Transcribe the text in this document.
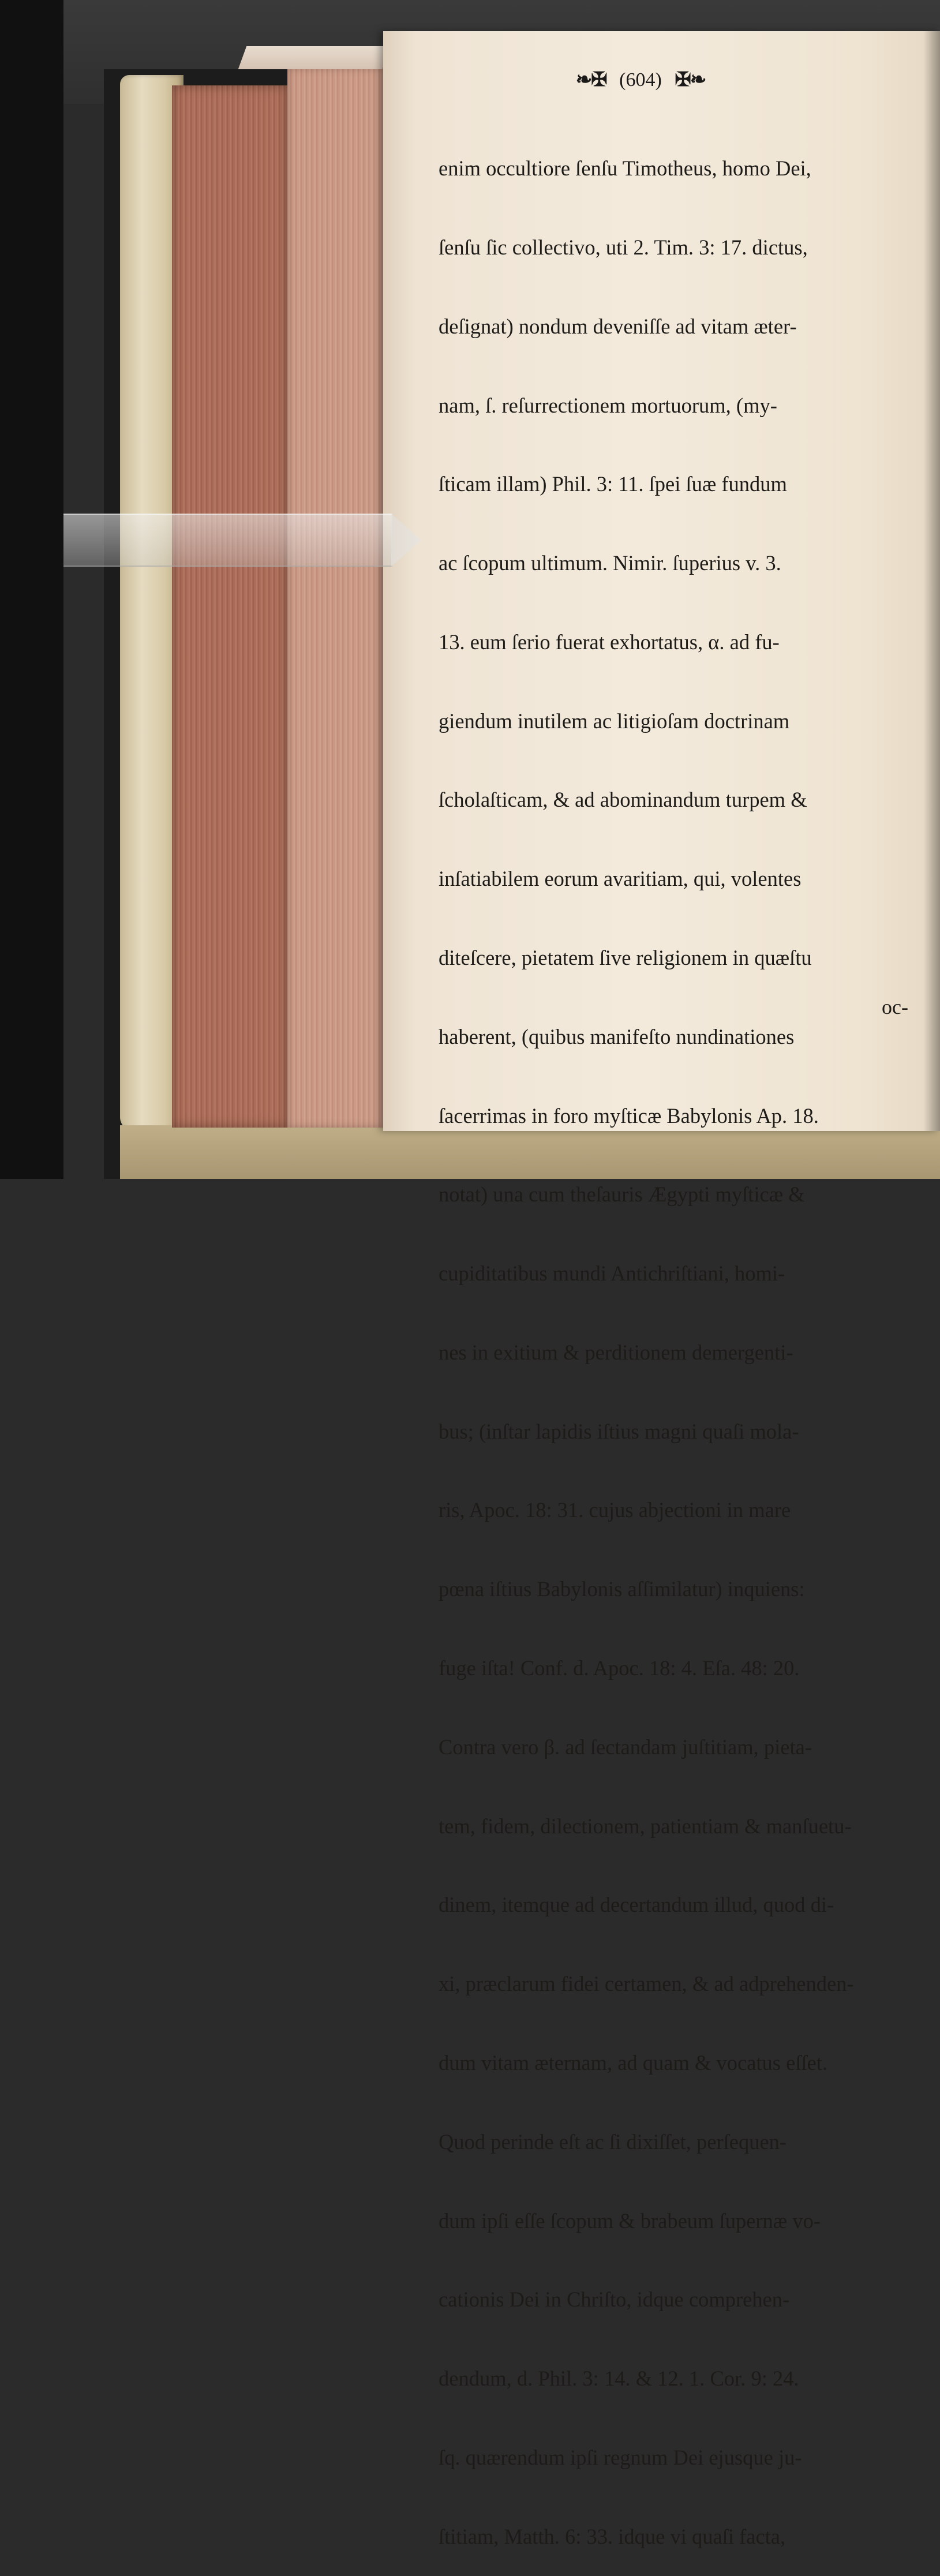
❧✠ (604) ✠❧

enim occultiore ſenſu Timotheus, homo Dei,

ſenſu ſic collectivo, uti 2. Tim. 3: 17. dictus,

deſignat) nondum deveniſſe ad vitam æter-

nam, ſ. reſurrectionem mortuorum, (my-

ſticam illam) Phil. 3: 11. ſpei ſuæ fundum

ac ſcopum ultimum. Nimir. ſuperius v. 3.

13. eum ſerio fuerat exhortatus, α. ad fu-

giendum inutilem ac litigioſam doctrinam

ſcholaſticam, & ad abominandum turpem &

inſatiabilem eorum avaritiam, qui, volentes

diteſcere, pietatem ſive religionem in quæſtu

haberent, (quibus manifeſto nundinationes

ſacerrimas in foro myſticæ Babylonis Ap. 18.

notat) una cum theſauris Ægypti myſticæ &

cupiditatibus mundi Antichriſtiani, homi-

nes in exitium & perditionem demergenti-

bus; (inſtar lapidis iſtius magni quaſi mola-

ris, Apoc. 18: 31. cujus abjectioni in mare

pœna iſtius Babylonis aſſimilatur) inquiens:

fuge iſta! Conf. d. Apoc. 18: 4. Eſa. 48: 20.

Contra vero β. ad ſectandam juſtitiam, pieta-

tem, fidem, dilectionem, patientiam & manſuetu-

dinem, itemque ad decertandum illud, quod di-

xi, præclarum fidei certamen, & ad adprehenden-

dum vitam æternam, ad quam & vocatus eſſet.

Quod perinde eſt ac ſi dixiſſet, perſequen-

dum ipſi eſſe ſcopum & brabeum ſupernæ vo-

cationis Dei in Chriſto, idque comprehen-

dendum, d. Phil. 3: 14. & 12. 1. Cor. 9: 24.

ſq. quærendum ipſi regnum Dei ejusque ju-

ſtitiam, Matth. 6: 33. idque vi quaſi facta,

oc-
